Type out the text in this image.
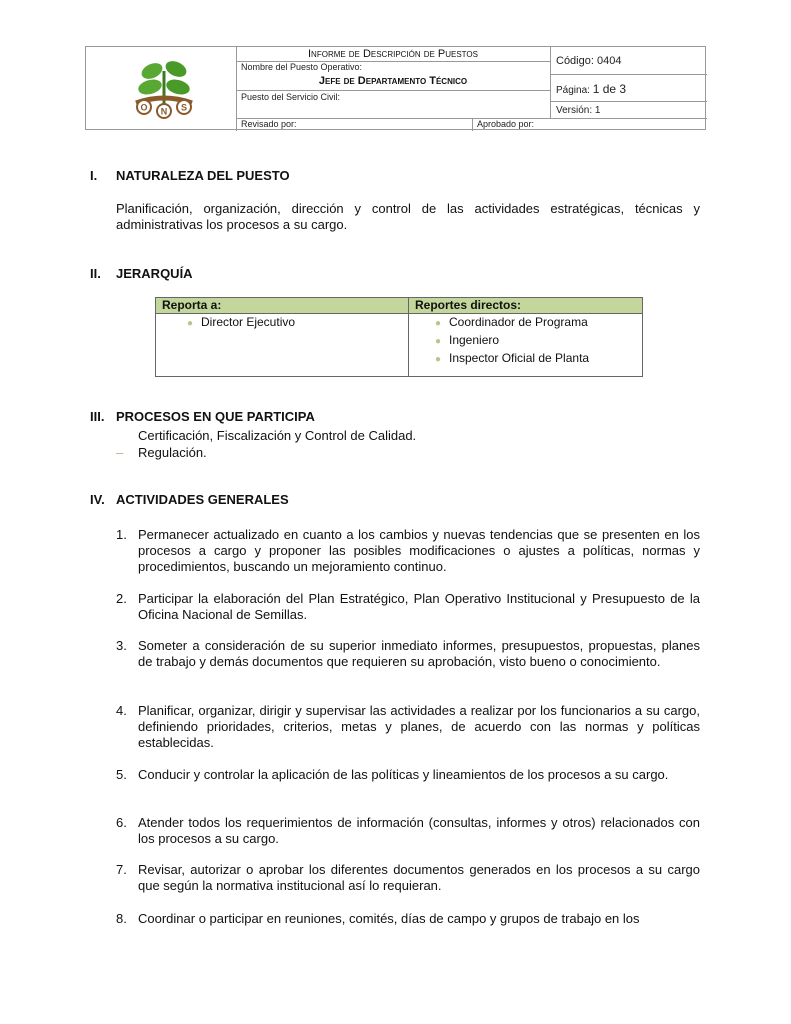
O N S
Informe de Descripción de Puestos
Nombre del Puesto Operativo:
Jefe de Departamento Técnico
Puesto del Servicio Civil:
Revisado por:	Aprobado por:
Código: 0404
Página: 1 de 3
Versión: 1
I. NATURALEZA DEL PUESTO
Planificación, organización, dirección y control de las actividades estratégicas, técnicas y administrativas los procesos a su cargo.
II. JERARQUÍA
Reporta a:	Reportes directos:

● Director Ejecutivo	● Coordinador de Programa
● Ingeniero
● Inspector Oficial de Planta
III. PROCESOS EN QUE PARTICIPA
Certificación, Fiscalización y Control de Calidad.
– Regulación.
IV. ACTIVIDADES GENERALES
1. Permanecer actualizado en cuanto a los cambios y nuevas tendencias que se presenten en los procesos a cargo y proponer las posibles modificaciones o ajustes a políticas, normas y procedimientos, buscando un mejoramiento continuo.
2. Participar la elaboración del Plan Estratégico, Plan Operativo Institucional y Presupuesto de la Oficina Nacional de Semillas.
3. Someter a consideración de su superior inmediato informes, presupuestos, propuestas, planes de trabajo y demás documentos que requieren su aprobación, visto bueno o conocimiento.
4. Planificar, organizar, dirigir y supervisar las actividades a realizar por los funcionarios a su cargo, definiendo prioridades, criterios, metas y planes, de acuerdo con las normas y políticas establecidas.
5. Conducir y controlar la aplicación de las políticas y lineamientos de los procesos a su cargo.
6. Atender todos los requerimientos de información (consultas, informes y otros) relacionados con los procesos a su cargo.
7. Revisar, autorizar o aprobar los diferentes documentos generados en los procesos a su cargo que según la normativa institucional así lo requieran.
8. Coordinar o participar en reuniones, comités, días de campo y grupos de trabajo en los
